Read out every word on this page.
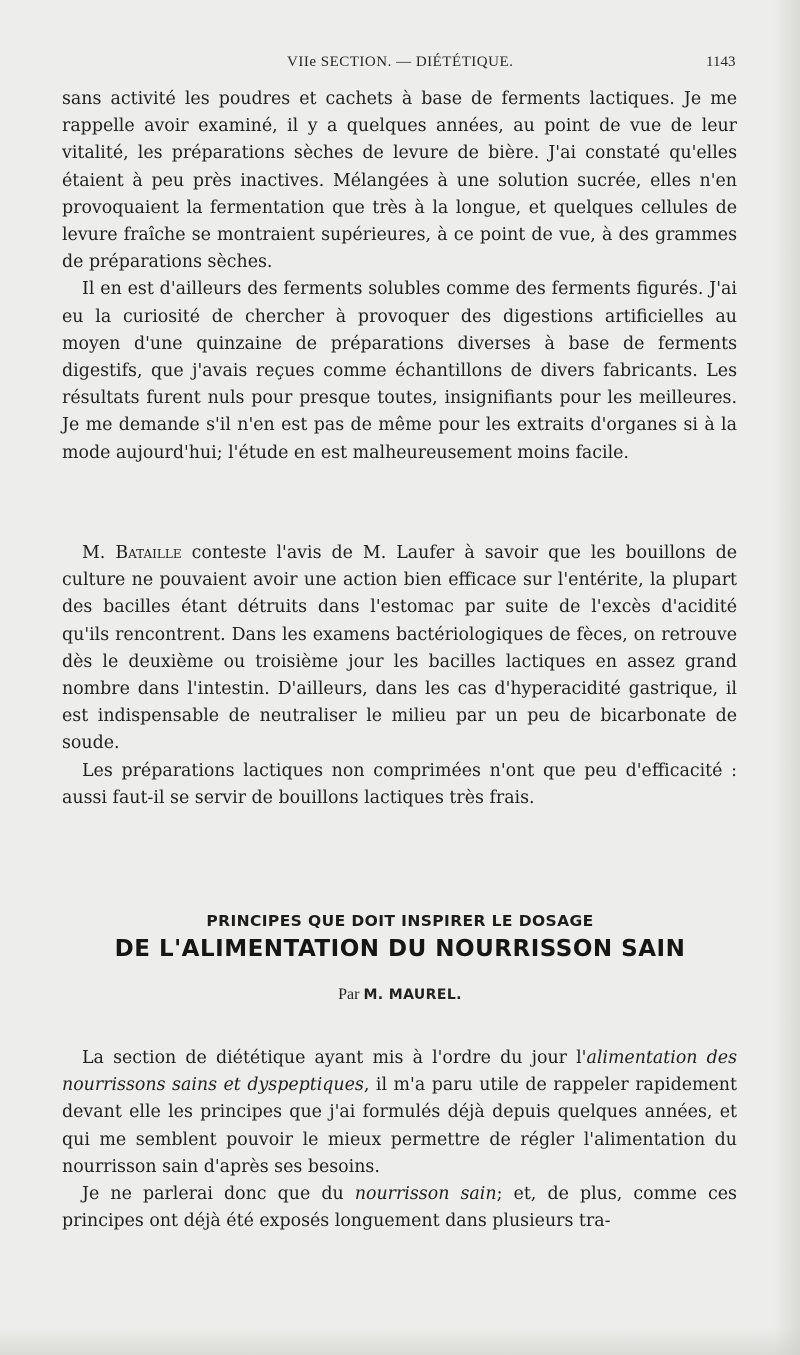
VIIe SECTION. — DIÉTÉTIQUE.	1143

sans activité les poudres et cachets à base de ferments lactiques. Je me rappelle avoir examiné, il y a quelques années, au point de vue de leur vitalité, les préparations sèches de levure de bière. J'ai constaté qu'elles étaient à peu près inactives. Mélangées à une solution sucrée, elles n'en provoquaient la fermentation que très à la longue, et quelques cellules de levure fraîche se montraient supérieures, à ce point de vue, à des grammes de préparations sèches.

Il en est d'ailleurs des ferments solubles comme des ferments figurés. J'ai eu la curiosité de chercher à provoquer des digestions artificielles au moyen d'une quinzaine de préparations diverses à base de ferments digestifs, que j'avais reçues comme échantillons de divers fabricants. Les résultats furent nuls pour presque toutes, insignifiants pour les meilleures. Je me demande s'il n'en est pas de même pour les extraits d'organes si à la mode aujourd'hui; l'étude en est malheureusement moins facile.

M. Bataille conteste l'avis de M. Laufer à savoir que les bouillons de culture ne pouvaient avoir une action bien efficace sur l'entérite, la plupart des bacilles étant détruits dans l'estomac par suite de l'excès d'acidité qu'ils rencontrent. Dans les examens bactériologiques de fèces, on retrouve dès le deuxième ou troisième jour les bacilles lactiques en assez grand nombre dans l'intestin. D'ailleurs, dans les cas d'hyperacidité gastrique, il est indispensable de neutraliser le milieu par un peu de bicarbonate de soude.

Les préparations lactiques non comprimées n'ont que peu d'efficacité : aussi faut-il se servir de bouillons lactiques très frais.

PRINCIPES QUE DOIT INSPIRER LE DOSAGE
DE L'ALIMENTATION DU NOURRISSON SAIN
Par M. MAUREL.

La section de diététique ayant mis à l'ordre du jour l'alimentation des nourrissons sains et dyspeptiques, il m'a paru utile de rappeler rapidement devant elle les principes que j'ai formulés déjà depuis quelques années, et qui me semblent pouvoir le mieux permettre de régler l'alimentation du nourrisson sain d'après ses besoins.

Je ne parlerai donc que du nourrisson sain; et, de plus, comme ces principes ont déjà été exposés longuement dans plusieurs tra-
